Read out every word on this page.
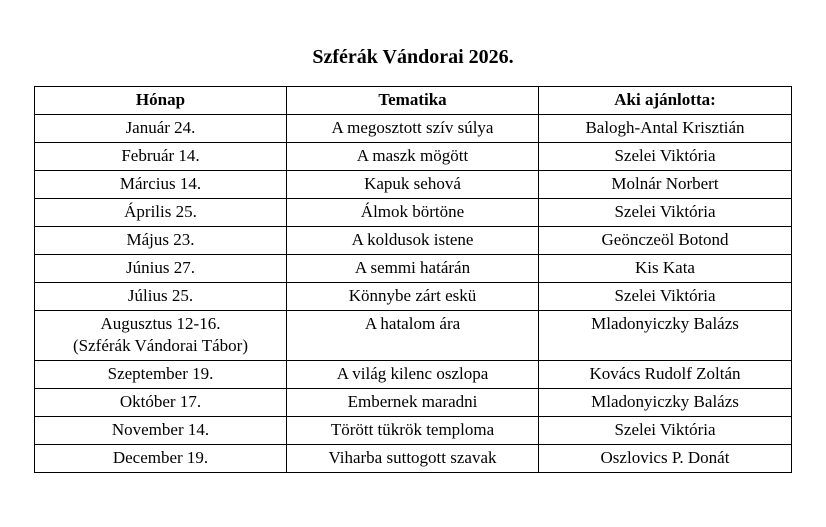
Szférák Vándorai 2026.
Hónap	Tematika	Aki ajánlotta:

Január 24.	A megosztott szív súlya	Balogh-Antal Krisztián

Február 14.	A maszk mögött	Szelei Viktória

Március 14.	Kapuk sehová	Molnár Norbert

Április 25.	Álmok börtöne	Szelei Viktória

Május 23.	A koldusok istene	Geönczeöl Botond

Június 27.	A semmi határán	Kis Kata

Július 25.	Könnybe zárt eskü	Szelei Viktória

Augusztus 12-16.
(Szférák Vándorai Tábor)	A hatalom ára	Mladonyiczky Balázs

Szeptember 19.	A világ kilenc oszlopa	Kovács Rudolf Zoltán

Október 17.	Embernek maradni	Mladonyiczky Balázs

November 14.	Törött tükrök temploma	Szelei Viktória

December 19.	Viharba suttogott szavak	Oszlovics P. Donát
